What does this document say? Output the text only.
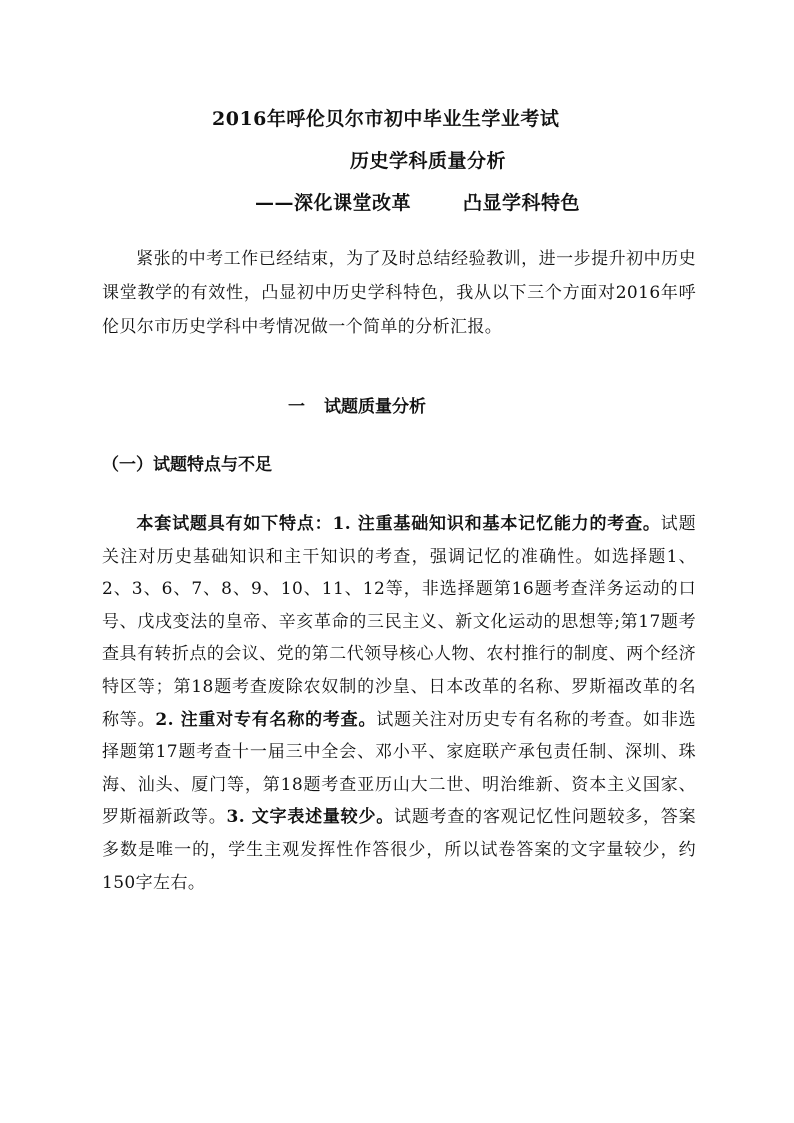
2016年呼伦贝尔市初中毕业生学业考试
历史学科质量分析
——深化课堂改革	凸显学科特色
紧张的中考工作已经结束，为了及时总结经验教训，进一步提升初中历史课堂教学的有效性，凸显初中历史学科特色，我从以下三个方面对2016年呼伦贝尔市历史学科中考情况做一个简单的分析汇报。
一 试题质量分析
（一）试题特点与不足
本套试题具有如下特点：1. 注重基础知识和基本记忆能力的考查。试题关注对历史基础知识和主干知识的考查，强调记忆的准确性。如选择题1、2、3、6、7、8、9、10、11、12等，非选择题第16题考查洋务运动的口号、戊戌变法的皇帝、辛亥革命的三民主义、新文化运动的思想等;第17题考查具有转折点的会议、党的第二代领导核心人物、农村推行的制度、两个经济特区等；第18题考查废除农奴制的沙皇、日本改革的名称、罗斯福改革的名称等。2. 注重对专有名称的考查。试题关注对历史专有名称的考查。如非选择题第17题考查十一届三中全会、邓小平、家庭联产承包责任制、深圳、珠海、汕头、厦门等，第18题考查亚历山大二世、明治维新、资本主义国家、罗斯福新政等。3. 文字表述量较少。试题考查的客观记忆性问题较多，答案多数是唯一的，学生主观发挥性作答很少，所以试卷答案的文字量较少，约150字左右。
